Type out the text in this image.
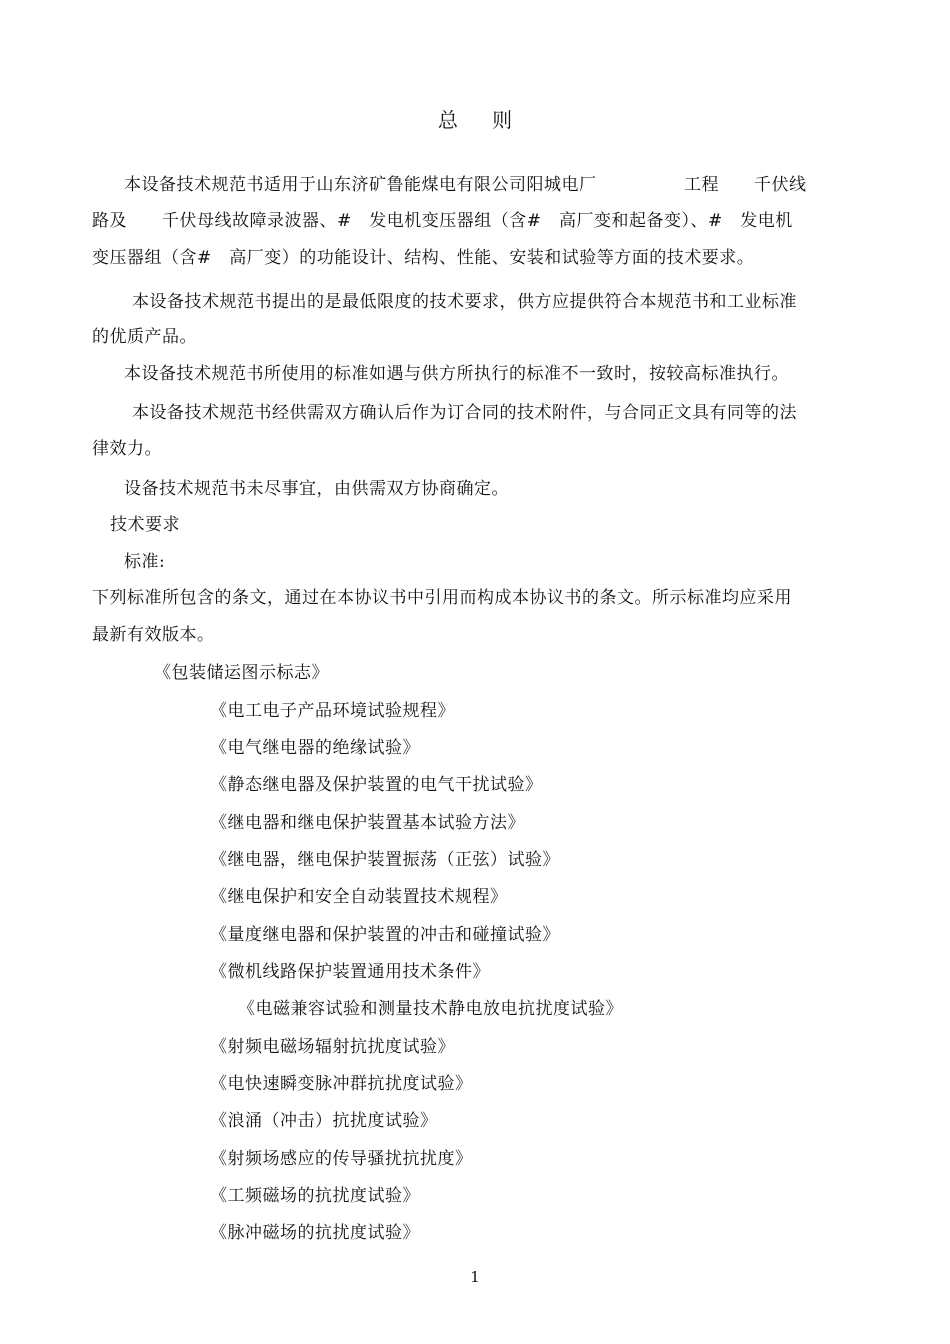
总 则
本设备技术规范书适用于山东济矿鲁能煤电有限公司阳城电厂　　　　　工程　　千伏线
路及　　千伏母线故障录波器、#　发电机变压器组（含#　高厂变和起备变）、#　发电机
变压器组（含#　高厂变）的功能设计、结构、性能、安装和试验等方面的技术要求。
本设备技术规范书提出的是最低限度的技术要求，供方应提供符合本规范书和工业标准
的优质产品。
本设备技术规范书所使用的标准如遇与供方所执行的标准不一致时，按较高标准执行。
本设备技术规范书经供需双方确认后作为订合同的技术附件，与合同正文具有同等的法
律效力。
设备技术规范书未尽事宜，由供需双方协商确定。
技术要求
标准:
下列标准所包含的条文，通过在本协议书中引用而构成本协议书的条文。所示标准均应采用
最新有效版本。
《包装储运图示标志》
《电工电子产品环境试验规程》
《电气继电器的绝缘试验》
《静态继电器及保护装置的电气干扰试验》
《继电器和继电保护装置基本试验方法》
《继电器，继电保护装置振荡（正弦）试验》
《继电保护和安全自动装置技术规程》
《量度继电器和保护装置的冲击和碰撞试验》
《微机线路保护装置通用技术条件》
《电磁兼容试验和测量技术静电放电抗扰度试验》
《射频电磁场辐射抗扰度试验》
《电快速瞬变脉冲群抗扰度试验》
《浪涌（冲击）抗扰度试验》
《射频场感应的传导骚扰抗扰度》
《工频磁场的抗扰度试验》
《脉冲磁场的抗扰度试验》
1
